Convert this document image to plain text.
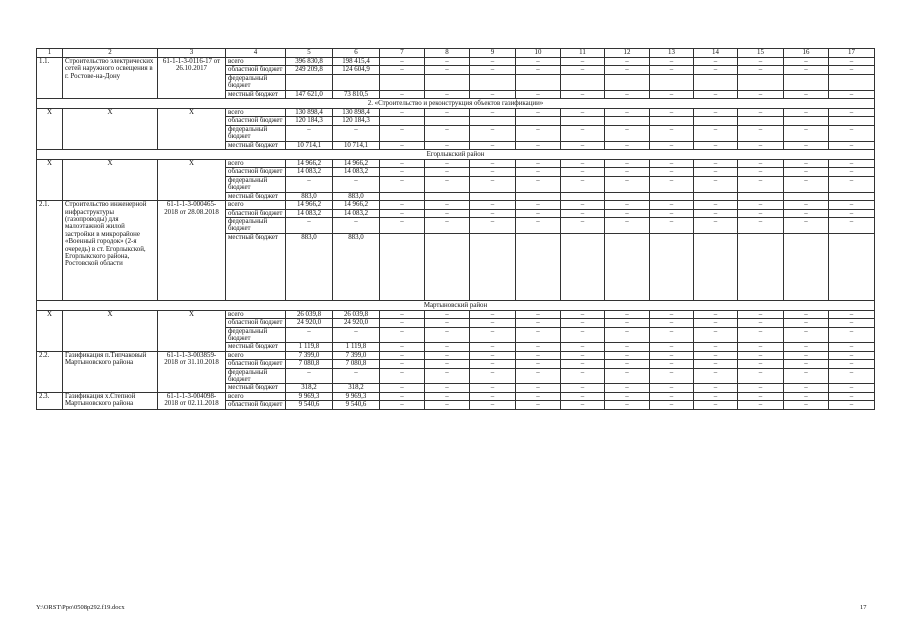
1	2	3	4	5	6	7	8	9	10	11	12	13	14	15	16	17
1.1.	Строительство электрических сетей наружного освещения в г. Ростове-на-Дону	61-1-1-3-0116-17 от 26.10.2017	всего	396 830,8	198 415,4	–	–	–	–	–	–	–	–	–	–	–
			областной бюджет	249 209,8	124 604,9	–	–	–	–	–	–	–	–	–	–	–
			федеральный бюджет													
			местный бюджет	147 621,0	73 810,5	–	–	–	–	–	–	–	–	–	–	–
2. «Строительство и реконструкция объектов газификации»																
X	X	X	всего	130 898,4	130 898,4	–	–	–	–	–	–	–	–	–	–	–
			областной бюджет	120 184,3	120 184,3											
			федеральный бюджет	–	–	–	–	–	–	–	–	–	–	–	–	–
			местный бюджет	10 714,1	10 714,1	–	–	–	–	–	–	–	–	–	–	–
Егорлыкский район																
X	X	X	всего	14 966,2	14 966,2	–	–	–	–	–	–	–	–	–	–	–
			областной бюджет	14 083,2	14 083,2	–	–	–	–	–	–	–	–	–	–	–
			федеральный бюджет	–	–	–	–	–	–	–	–	–	–	–	–	–
			местный бюджет	883,0	883,0											
2.1.	Строительство инженерной инфраструктуры (газопроводы) для малоэтажной жилой застройки в микрорайоне «Военный городок» (2-я очередь) в ст. Егорлыкской, Егорлыкского района, Ростовской области	61-1-1-3-000465-2018 от 28.08.2018	всего	14 966,2	14 966,2	–	–	–	–	–	–	–	–	–	–	–
			областной бюджет	14 083,2	14 083,2	–	–	–	–	–	–	–	–	–	–	–
			федеральный бюджет	–	–	–	–	–	–	–	–	–	–	–	–	–
			местный бюджет	883,0	883,0											
Мартыновский район																
X	X	X	всего	26 039,8	26 039,8	–	–	–	–	–	–	–	–	–	–	–
			областной бюджет	24 920,0	24 920,0	–	–	–	–	–	–	–	–	–	–	–
			федеральный бюджет	–	–	–	–	–	–	–	–	–	–	–	–	–
			местный бюджет	1 119,8	1 119,8	–	–	–	–	–	–	–	–	–	–	–
2.2.	Газификация п.Типчаковый Мартыновского района	61-1-1-3-003859-2018 от 31.10.2018	всего	7 399,0	7 399,0	–	–	–	–	–	–	–	–	–	–	–
			областной бюджет	7 080,8	7 080,8	–	–	–	–	–	–	–	–	–	–	–
			федеральный бюджет	–	–	–	–	–	–	–	–	–	–	–	–	–
			местный бюджет	318,2	318,2	–	–	–	–	–	–	–	–	–	–	–
2.3.	Газификация х.Степной Мартыновского района	61-1-1-3-004098-2018 от 02.11.2018	всего	9 969,3	9 969,3	–	–	–	–	–	–	–	–	–	–	–
			областной бюджет	9 540,6	9 540,6	–	–	–	–	–	–	–	–	–	–	–
Y:\ORST\Ppo\0508p292.f19.docx	17
